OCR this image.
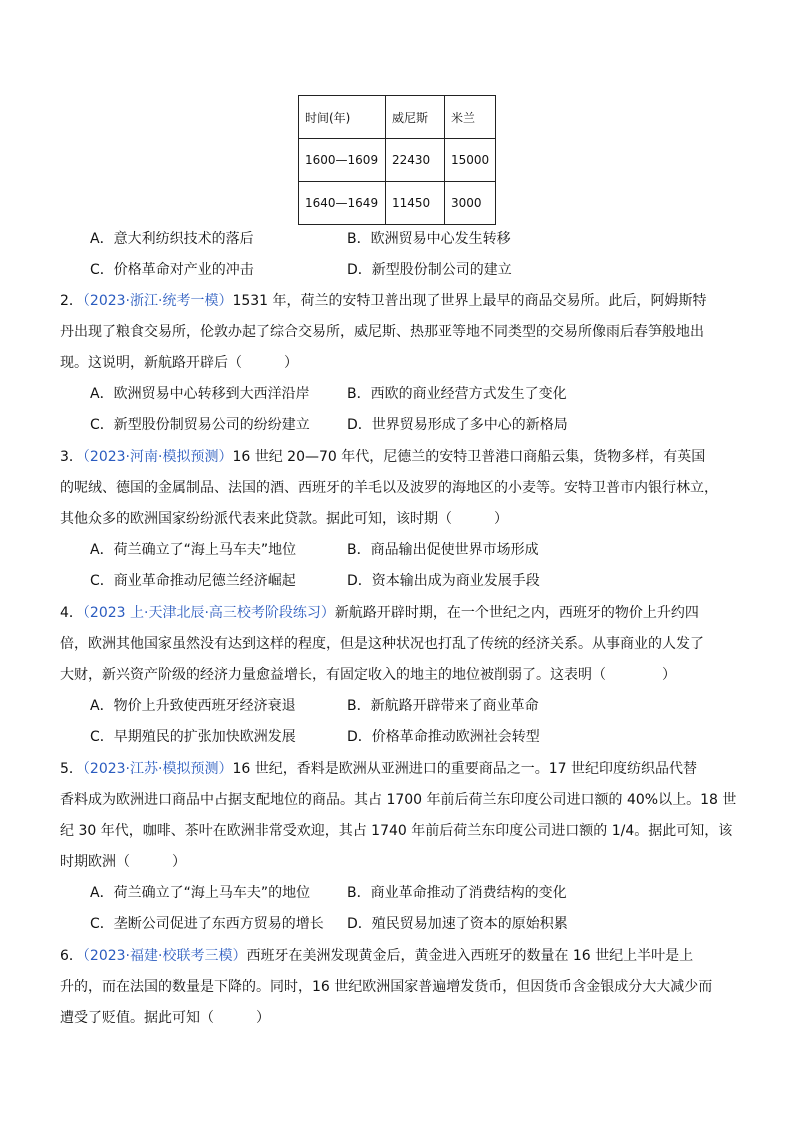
时间(年)	威尼斯	米兰
1600—1609	22430	15000
1640—1649	11450	3000
A．意大利纺织技术的落后	B．欧洲贸易中心发生转移
C．价格革命对产业的冲击	D．新型股份制公司的建立
2．（2023·浙江·统考一模）1531 年，荷兰的安特卫普出现了世界上最早的商品交易所。此后，阿姆斯特
丹出现了粮食交易所，伦敦办起了综合交易所，威尼斯、热那亚等地不同类型的交易所像雨后春笋般地出
现。这说明，新航路开辟后（　　　）
A．欧洲贸易中心转移到大西洋沿岸	B．西欧的商业经营方式发生了变化
C．新型股份制贸易公司的纷纷建立	D．世界贸易形成了多中心的新格局
3．（2023·河南·模拟预测）16 世纪 20—70 年代，尼德兰的安特卫普港口商船云集，货物多样，有英国
的呢绒、德国的金属制品、法国的酒、西班牙的羊毛以及波罗的海地区的小麦等。安特卫普市内银行林立，
其他众多的欧洲国家纷纷派代表来此贷款。据此可知，该时期（　　　）
A．荷兰确立了“海上马车夫”地位	B．商品输出促使世界市场形成
C．商业革命推动尼德兰经济崛起	D．资本输出成为商业发展手段
4．（2023 上·天津北辰·高三校考阶段练习）新航路开辟时期，在一个世纪之内，西班牙的物价上升约四
倍，欧洲其他国家虽然没有达到这样的程度，但是这种状况也打乱了传统的经济关系。从事商业的人发了
大财，新兴资产阶级的经济力量愈益增长，有固定收入的地主的地位被削弱了。这表明（　　　　）
A．物价上升致使西班牙经济衰退	B．新航路开辟带来了商业革命
C．早期殖民的扩张加快欧洲发展	D．价格革命推动欧洲社会转型
5．（2023·江苏·模拟预测）16 世纪，香料是欧洲从亚洲进口的重要商品之一。17 世纪印度纺织品代替
香料成为欧洲进口商品中占据支配地位的商品。其占 1700 年前后荷兰东印度公司进口额的 40%以上。18 世
纪 30 年代，咖啡、茶叶在欧洲非常受欢迎，其占 1740 年前后荷兰东印度公司进口额的 1/4。据此可知，该
时期欧洲（　　　）
A．荷兰确立了“海上马车夫”的地位	B．商业革命推动了消费结构的变化
C．垄断公司促进了东西方贸易的增长 D．殖民贸易加速了资本的原始积累
6．（2023·福建·校联考三模）西班牙在美洲发现黄金后，黄金进入西班牙的数量在 16 世纪上半叶是上
升的，而在法国的数量是下降的。同时，16 世纪欧洲国家普遍增发货币，但因货币含金银成分大大减少而
遭受了贬值。据此可知（　　　）
